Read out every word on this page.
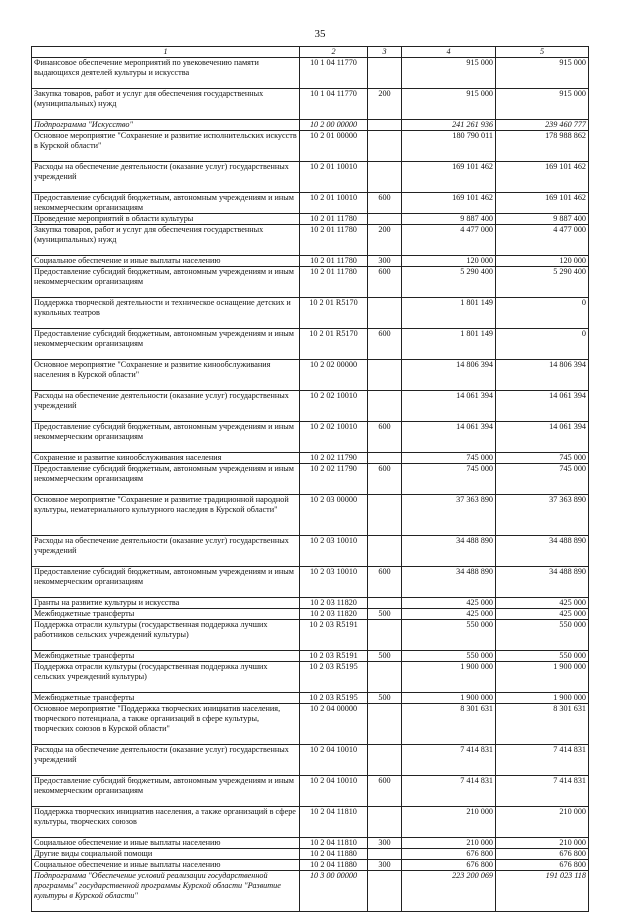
35
1	2	3	4	5
Финансовое обеспечение мероприятий по увековечению памяти выдающихся деятелей культуры и искусства	10 1 04 11770		915 000	915 000
Закупка товаров, работ и услуг для обеспечения государственных (муниципальных) нужд	10 1 04 11770	200	915 000	915 000
Подпрограмма "Искусство"	10 2 00 00000		241 261 936	239 460 777
Основное мероприятие "Сохранение и развитие исполнительских искусств в Курской области"	10 2 01 00000		180 790 011	178 988 862
Расходы на обеспечение деятельности (оказание услуг) государственных учреждений	10 2 01 10010		169 101 462	169 101 462
Предоставление субсидий бюджетным, автономным учреждениям и иным некоммерческим организациям	10 2 01 10010	600	169 101 462	169 101 462
Проведение мероприятий в области культуры	10 2 01 11780		9 887 400	9 887 400
Закупка товаров, работ и услуг для обеспечения государственных (муниципальных) нужд	10 2 01 11780	200	4 477 000	4 477 000
Социальное обеспечение и иные выплаты населению	10 2 01 11780	300	120 000	120 000
Предоставление субсидий бюджетным, автономным учреждениям и иным некоммерческим организациям	10 2 01 11780	600	5 290 400	5 290 400
Поддержка творческой деятельности и техническое оснащение детских и кукольных театров	10 2 01 R5170		1 801 149	0
Предоставление субсидий бюджетным, автономным учреждениям и иным некоммерческим организациям	10 2 01 R5170	600	1 801 149	0
Основное мероприятие "Сохранение и развитие кинообслуживания населения в Курской области"	10 2 02 00000		14 806 394	14 806 394
Расходы на обеспечение деятельности (оказание услуг) государственных учреждений	10 2 02 10010		14 061 394	14 061 394
Предоставление субсидий бюджетным, автономным учреждениям и иным некоммерческим организациям	10 2 02 10010	600	14 061 394	14 061 394
Сохранение и развитие кинообслуживания населения	10 2 02 11790		745 000	745 000
Предоставление субсидий бюджетным, автономным учреждениям и иным некоммерческим организациям	10 2 02 11790	600	745 000	745 000
Основное мероприятие "Сохранение и развитие традиционной народной культуры, нематериального культурного наследия в Курской области"	10 2 03 00000		37 363 890	37 363 890
Расходы на обеспечение деятельности (оказание услуг) государственных учреждений	10 2 03 10010		34 488 890	34 488 890
Предоставление субсидий бюджетным, автономным учреждениям и иным некоммерческим организациям	10 2 03 10010	600	34 488 890	34 488 890
Гранты на развитие культуры и искусства	10 2 03 11820		425 000	425 000
Межбюджетные трансферты	10 2 03 11820	500	425 000	425 000
Поддержка отрасли культуры (государственная поддержка лучших работников сельских учреждений культуры)	10 2 03 R5191		550 000	550 000
Межбюджетные трансферты	10 2 03 R5191	500	550 000	550 000
Поддержка отрасли культуры (государственная поддержка лучших сельских учреждений культуры)	10 2 03 R5195		1 900 000	1 900 000
Межбюджетные трансферты	10 2 03 R5195	500	1 900 000	1 900 000
Основное мероприятие "Поддержка творческих инициатив населения, творческого потенциала, а также организаций в сфере культуры, творческих союзов в Курской области"	10 2 04 00000		8 301 631	8 301 631
Расходы на обеспечение деятельности (оказание услуг) государственных учреждений	10 2 04 10010		7 414 831	7 414 831
Предоставление субсидий бюджетным, автономным учреждениям и иным некоммерческим организациям	10 2 04 10010	600	7 414 831	7 414 831
Поддержка творческих инициатив населения, а также организаций в сфере культуры, творческих союзов	10 2 04 11810		210 000	210 000
Социальное обеспечение и иные выплаты населению	10 2 04 11810	300	210 000	210 000
Другие виды социальной помощи	10 2 04 11880		676 800	676 800
Социальное обеспечение и иные выплаты населению	10 2 04 11880	300	676 800	676 800
Подпрограмма "Обеспечение условий реализации государственной программы" государственной программы Курской области "Развитие культуры в Курской области"	10 3 00 00000		223 200 069	191 023 118
